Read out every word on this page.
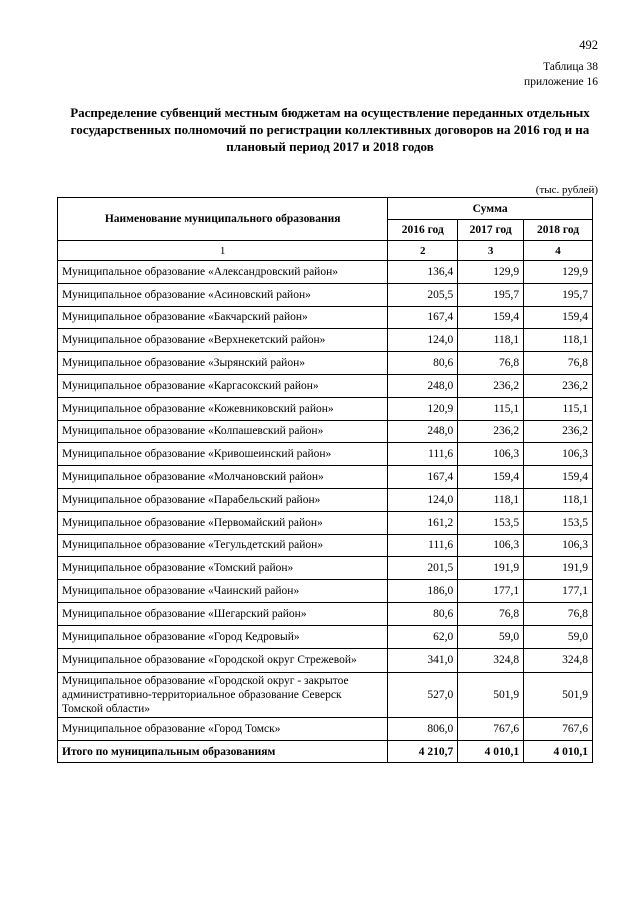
492
Таблица 38
приложение 16
Распределение субвенций местным бюджетам на осуществление переданных отдельных государственных полномочий по регистрации коллективных договоров на 2016 год и на плановый период 2017 и 2018 годов
(тыс. рублей)
Наименование муниципального образования	Сумма		
	2016 год	2017 год	2018 год
1	2	3	4
Муниципальное образование «Александровский район»	136,4	129,9	129,9
Муниципальное образование «Асиновский район»	205,5	195,7	195,7
Муниципальное образование «Бакчарский район»	167,4	159,4	159,4
Муниципальное образование «Верхнекетский район»	124,0	118,1	118,1
Муниципальное образование «Зырянский район»	80,6	76,8	76,8
Муниципальное образование «Каргасокский район»	248,0	236,2	236,2
Муниципальное образование «Кожевниковский район»	120,9	115,1	115,1
Муниципальное образование «Колпашевский район»	248,0	236,2	236,2
Муниципальное образование «Кривошеинский район»	111,6	106,3	106,3
Муниципальное образование «Молчановский район»	167,4	159,4	159,4
Муниципальное образование «Парабельский район»	124,0	118,1	118,1
Муниципальное образование «Первомайский район»	161,2	153,5	153,5
Муниципальное образование «Тегульдетский район»	111,6	106,3	106,3
Муниципальное образование «Томский район»	201,5	191,9	191,9
Муниципальное образование «Чаинский район»	186,0	177,1	177,1
Муниципальное образование «Шегарский район»	80,6	76,8	76,8
Муниципальное образование «Город Кедровый»	62,0	59,0	59,0
Муниципальное образование «Городской округ Стрежевой»	341,0	324,8	324,8
Муниципальное образование «Городской округ - закрытое административно-территориальное образование Северск Томской области»	527,0	501,9	501,9
Муниципальное образование «Город Томск»	806,0	767,6	767,6
Итого по муниципальным образованиям	4 210,7	4 010,1	4 010,1
